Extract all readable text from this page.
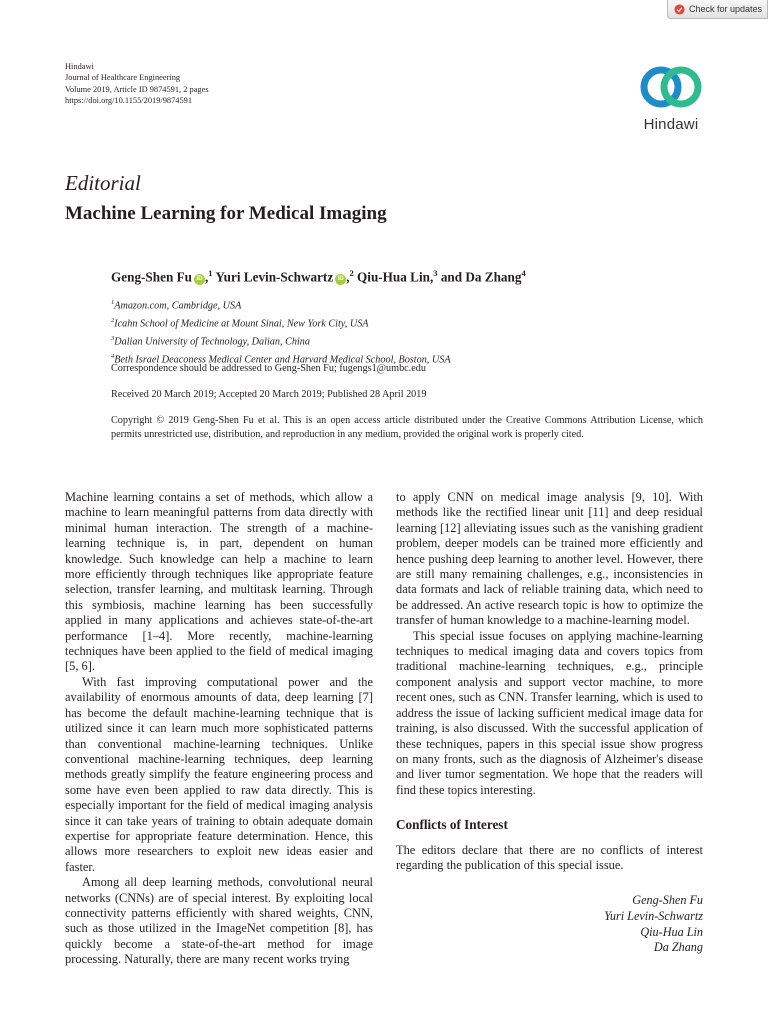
Check for updates
Hindawi
Journal of Healthcare Engineering
Volume 2019, Article ID 9874591, 2 pages
https://doi.org/10.1155/2019/9874591
Hindawi
Editorial
Machine Learning for Medical Imaging
Geng-Shen Fu iD ,$^1$ Yuri Levin-Schwartz iD ,$^2$ Qiu-Hua Lin,$^3$ and Da Zhang$^4$
$^1$Amazon.com, Cambridge, USA
$^2$Icahn School of Medicine at Mount Sinai, New York City, USA
$^3$Dalian University of Technology, Dalian, China
$^4$Beth Israel Deaconess Medical Center and Harvard Medical School, Boston, USA
Correspondence should be addressed to Geng-Shen Fu; fugengs1@umbc.edu
Received 20 March 2019; Accepted 20 March 2019; Published 28 April 2019
Copyright © 2019 Geng-Shen Fu et al. This is an open access article distributed under the Creative Commons Attribution License, which permits unrestricted use, distribution, and reproduction in any medium, provided the original work is properly cited.

Machine learning contains a set of methods, which allow a machine to learn meaningful patterns from data directly with minimal human interaction. The strength of a machine-learning technique is, in part, dependent on human knowledge. Such knowledge can help a machine to learn more efficiently through techniques like appropriate feature selection, transfer learning, and multitask learning. Through this symbiosis, machine learning has been successfully applied in many applications and achieves state-of-the-art performance [1–4]. More recently, machine-learning techniques have been applied to the field of medical imaging [5, 6].

With fast improving computational power and the availability of enormous amounts of data, deep learning [7] has become the default machine-learning technique that is utilized since it can learn much more sophisticated patterns than conventional machine-learning techniques. Unlike conventional machine-learning techniques, deep learning methods greatly simplify the feature engineering process and some have even been applied to raw data directly. This is especially important for the field of medical imaging analysis since it can take years of training to obtain adequate domain expertise for appropriate feature determination. Hence, this allows more researchers to exploit new ideas easier and faster.

Among all deep learning methods, convolutional neural networks (CNNs) are of special interest. By exploiting local connectivity patterns efficiently with shared weights, CNN, such as those utilized in the ImageNet competition [8], has quickly become a state-of-the-art method for image processing. Naturally, there are many recent works trying

to apply CNN on medical image analysis [9, 10]. With methods like the rectified linear unit [11] and deep residual learning [12] alleviating issues such as the vanishing gradient problem, deeper models can be trained more efficiently and hence pushing deep learning to another level. However, there are still many remaining challenges, e.g., inconsistencies in data formats and lack of reliable training data, which need to be addressed. An active research topic is how to optimize the transfer of human knowledge to a machine-learning model.

This special issue focuses on applying machine-learning techniques to medical imaging data and covers topics from traditional machine-learning techniques, e.g., principle component analysis and support vector machine, to more recent ones, such as CNN. Transfer learning, which is used to address the issue of lacking sufficient medical image data for training, is also discussed. With the successful application of these techniques, papers in this special issue show progress on many fronts, such as the diagnosis of Alzheimer's disease and liver tumor segmentation. We hope that the readers will find these topics interesting.

Conflicts of Interest

The editors declare that there are no conflicts of interest regarding the publication of this special issue.

Geng-Shen Fu
Yuri Levin-Schwartz
Qiu-Hua Lin
Da Zhang
